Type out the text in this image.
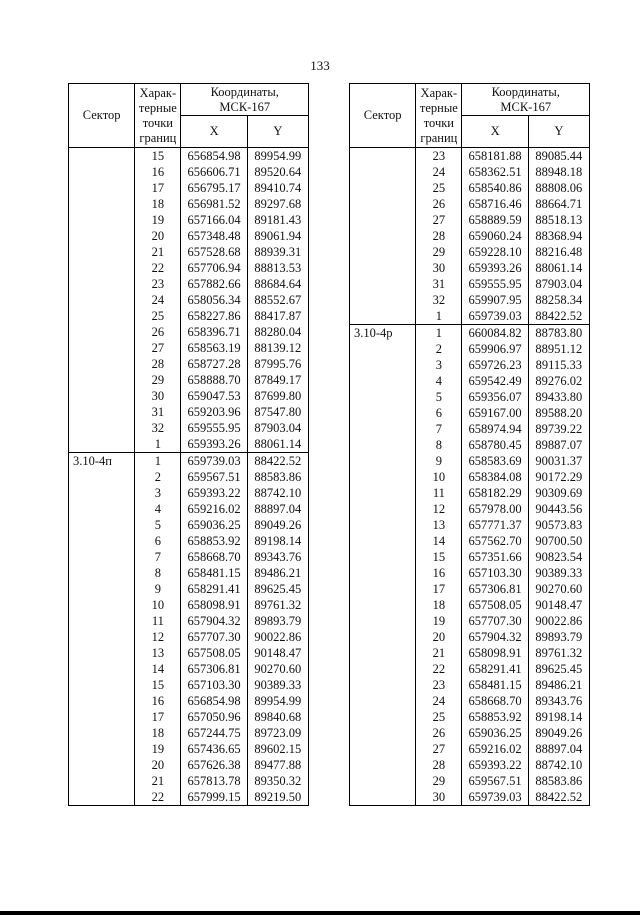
133
Сектор	Харак-
терные
точки
границ	Координаты,
МСК-167	
		X	Y
	15	656854.98	89954.99
	16	656606.71	89520.64
	17	656795.17	89410.74
	18	656981.52	89297.68
	19	657166.04	89181.43
	20	657348.48	89061.94
	21	657528.68	88939.31
	22	657706.94	88813.53
	23	657882.66	88684.64
	24	658056.34	88552.67
	25	658227.86	88417.87
	26	658396.71	88280.04
	27	658563.19	88139.12
	28	658727.28	87995.76
	29	658888.70	87849.17
	30	659047.53	87699.80
	31	659203.96	87547.80
	32	659555.95	87903.04
	1	659393.26	88061.14
3.10-4п	1	659739.03	88422.52
	2	659567.51	88583.86
	3	659393.22	88742.10
	4	659216.02	88897.04
	5	659036.25	89049.26
	6	658853.92	89198.14
	7	658668.70	89343.76
	8	658481.15	89486.21
	9	658291.41	89625.45
	10	658098.91	89761.32
	11	657904.32	89893.79
	12	657707.30	90022.86
	13	657508.05	90148.47
	14	657306.81	90270.60
	15	657103.30	90389.33
	16	656854.98	89954.99
	17	657050.96	89840.68
	18	657244.75	89723.09
	19	657436.65	89602.15
	20	657626.38	89477.88
	21	657813.78	89350.32
	22	657999.15	89219.50
Сектор	Харак-
терные
точки
границ	Координаты,
МСК-167	
		X	Y
	23	658181.88	89085.44
	24	658362.51	88948.18
	25	658540.86	88808.06
	26	658716.46	88664.71
	27	658889.59	88518.13
	28	659060.24	88368.94
	29	659228.10	88216.48
	30	659393.26	88061.14
	31	659555.95	87903.04
	32	659907.95	88258.34
	1	659739.03	88422.52
3.10-4р	1	660084.82	88783.80
	2	659906.97	88951.12
	3	659726.23	89115.33
	4	659542.49	89276.02
	5	659356.07	89433.80
	6	659167.00	89588.20
	7	658974.94	89739.22
	8	658780.45	89887.07
	9	658583.69	90031.37
	10	658384.08	90172.29
	11	658182.29	90309.69
	12	657978.00	90443.56
	13	657771.37	90573.83
	14	657562.70	90700.50
	15	657351.66	90823.54
	16	657103.30	90389.33
	17	657306.81	90270.60
	18	657508.05	90148.47
	19	657707.30	90022.86
	20	657904.32	89893.79
	21	658098.91	89761.32
	22	658291.41	89625.45
	23	658481.15	89486.21
	24	658668.70	89343.76
	25	658853.92	89198.14
	26	659036.25	89049.26
	27	659216.02	88897.04
	28	659393.22	88742.10
	29	659567.51	88583.86
	30	659739.03	88422.52
